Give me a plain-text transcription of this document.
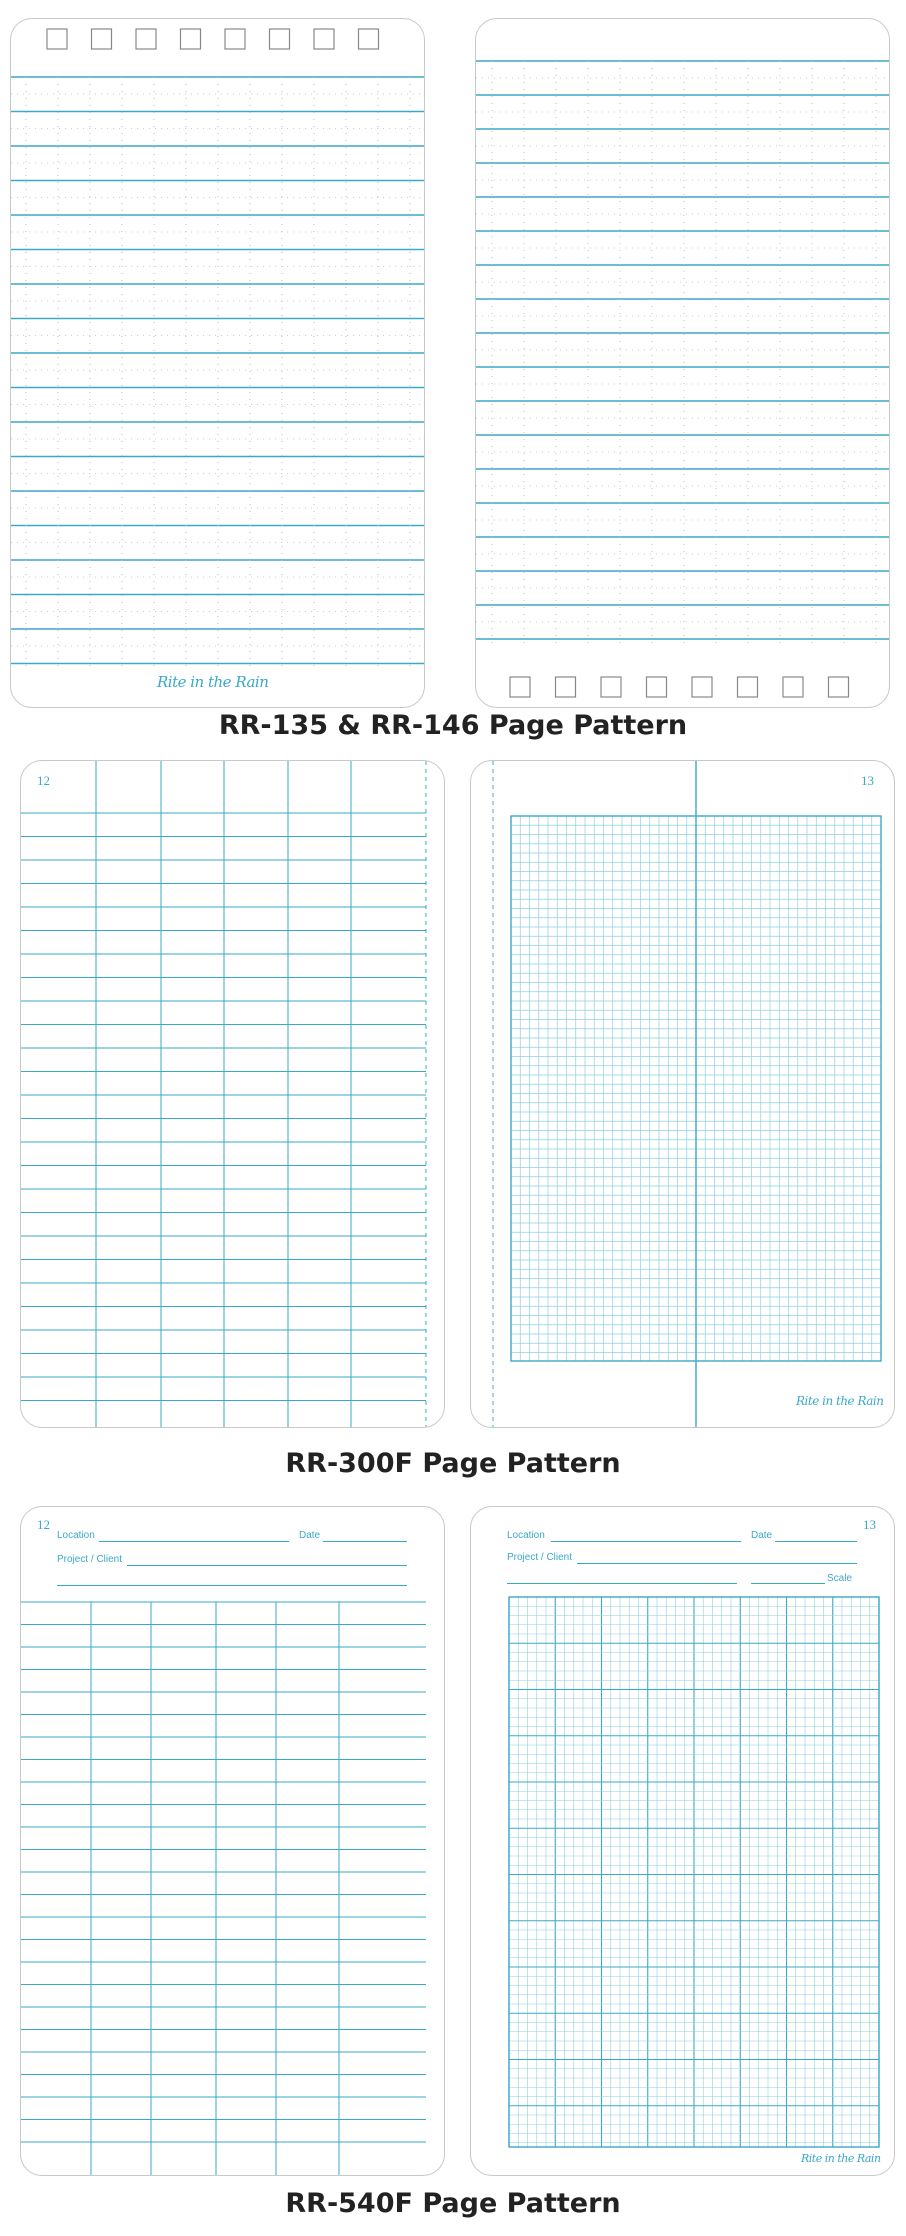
Rite in the Rain
RR-135 & RR-146 Page Pattern
12	13
Rite in the Rain
RR-300F Page Pattern
12
Location	Date
Project / Client
13
Location	Date
Project / Client
Scale
Rite in the Rain
RR-540F Page Pattern
